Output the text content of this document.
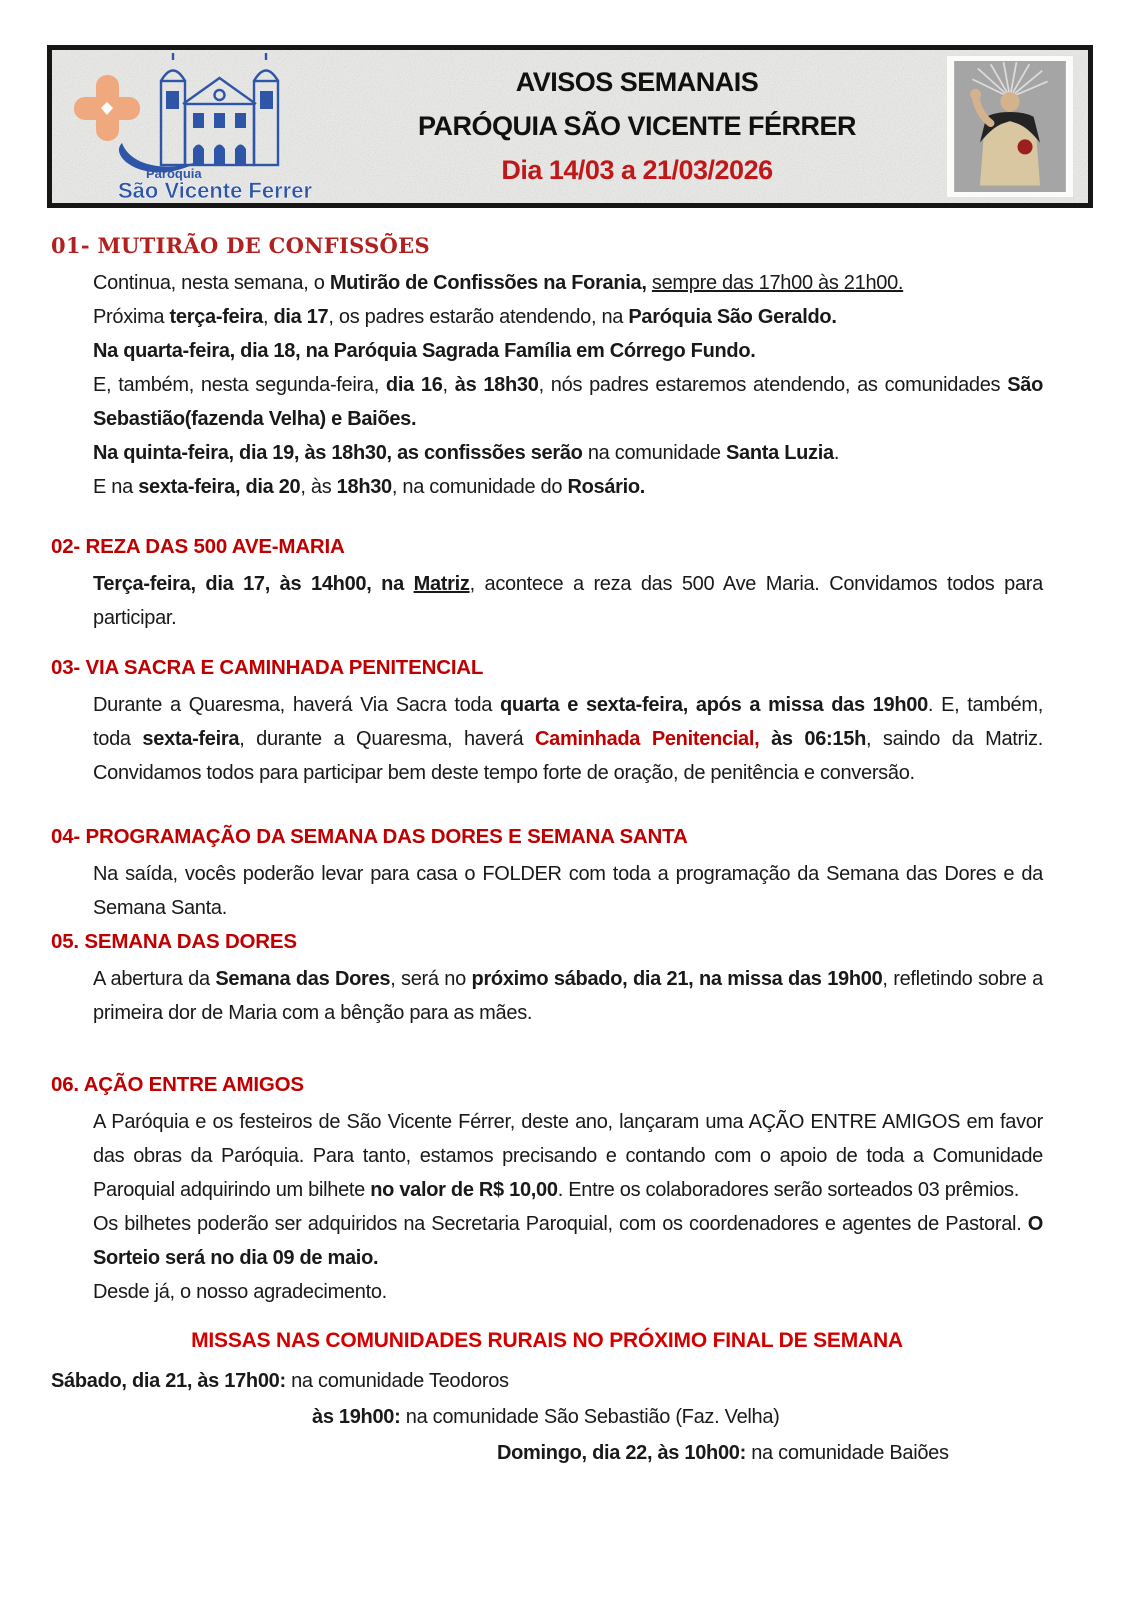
Paróquia
São Vicente Ferrer
AVISOS SEMANAIS
PARÓQUIA SÃO VICENTE FÉRRER
Dia 14/03 a 21/03/2026
01- MUTIRÃO DE CONFISSÕES

Continua, nesta semana, o Mutirão de Confissões na Forania, sempre das 17h00 às 21h00.

Próxima terça-feira, dia 17, os padres estarão atendendo, na Paróquia São Geraldo.

Na quarta-feira, dia 18, na Paróquia Sagrada Família em Córrego Fundo.

E, também, nesta segunda-feira, dia 16, às 18h30, nós padres estaremos atendendo, as comunidades São Sebastião(fazenda Velha) e Baiões.

Na quinta-feira, dia 19, às 18h30, as confissões serão na comunidade Santa Luzia.

E na sexta-feira, dia 20, às 18h30, na comunidade do Rosário.

02- REZA DAS 500 AVE-MARIA

Terça-feira, dia 17, às 14h00, na Matriz, acontece a reza das 500 Ave Maria. Convidamos todos para participar.

03- VIA SACRA E CAMINHADA PENITENCIAL

Durante a Quaresma, haverá Via Sacra toda quarta e sexta-feira, após a missa das 19h00. E, também, toda sexta-feira, durante a Quaresma, haverá Caminhada Penitencial, às 06:15h, saindo da Matriz. Convidamos todos para participar bem deste tempo forte de oração, de penitência e conversão.

04- PROGRAMAÇÃO DA SEMANA DAS DORES E SEMANA SANTA

Na saída, vocês poderão levar para casa o FOLDER com toda a programação da Semana das Dores e da Semana Santa.

05. SEMANA DAS DORES

A abertura da Semana das Dores, será no próximo sábado, dia 21, na missa das 19h00, refletindo sobre a primeira dor de Maria com a bênção para as mães.

06. AÇÃO ENTRE AMIGOS

A Paróquia e os festeiros de São Vicente Férrer, deste ano, lançaram uma AÇÃO ENTRE AMIGOS em favor das obras da Paróquia. Para tanto, estamos precisando e contando com o apoio de toda a Comunidade Paroquial adquirindo um bilhete no valor de R$ 10,00. Entre os colaboradores serão sorteados 03 prêmios.

Os bilhetes poderão ser adquiridos na Secretaria Paroquial, com os coordenadores e agentes de Pastoral. O Sorteio será no dia 09 de maio.

Desde já, o nosso agradecimento.

MISSAS NAS COMUNIDADES RURAIS NO PRÓXIMO FINAL DE SEMANA

Sábado, dia 21, às 17h00: na comunidade Teodoros

às 19h00: na comunidade São Sebastião (Faz. Velha)

Domingo, dia 22, às 10h00: na comunidade Baiões
